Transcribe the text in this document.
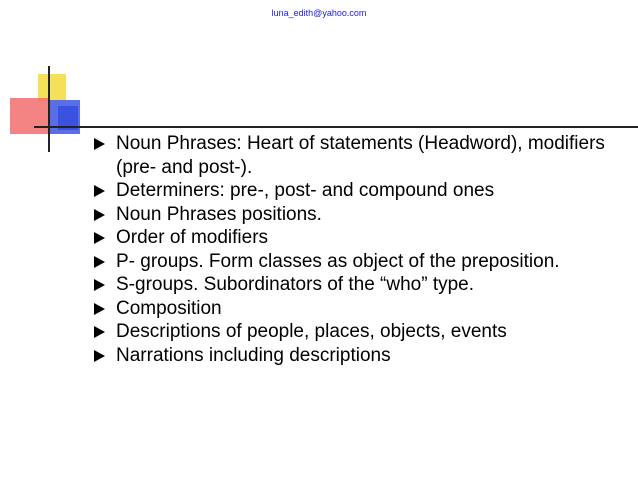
luna_edith@yahoo.com
Noun Phrases: Heart of statements (Headword), modifiers (pre- and post-).
Determiners: pre-, post- and compound ones
Noun Phrases positions.
Order of modifiers
P- groups. Form classes as object of the preposition.
S-groups. Subordinators of the “who” type.
Composition
Descriptions of people, places, objects, events
Narrations including descriptions
